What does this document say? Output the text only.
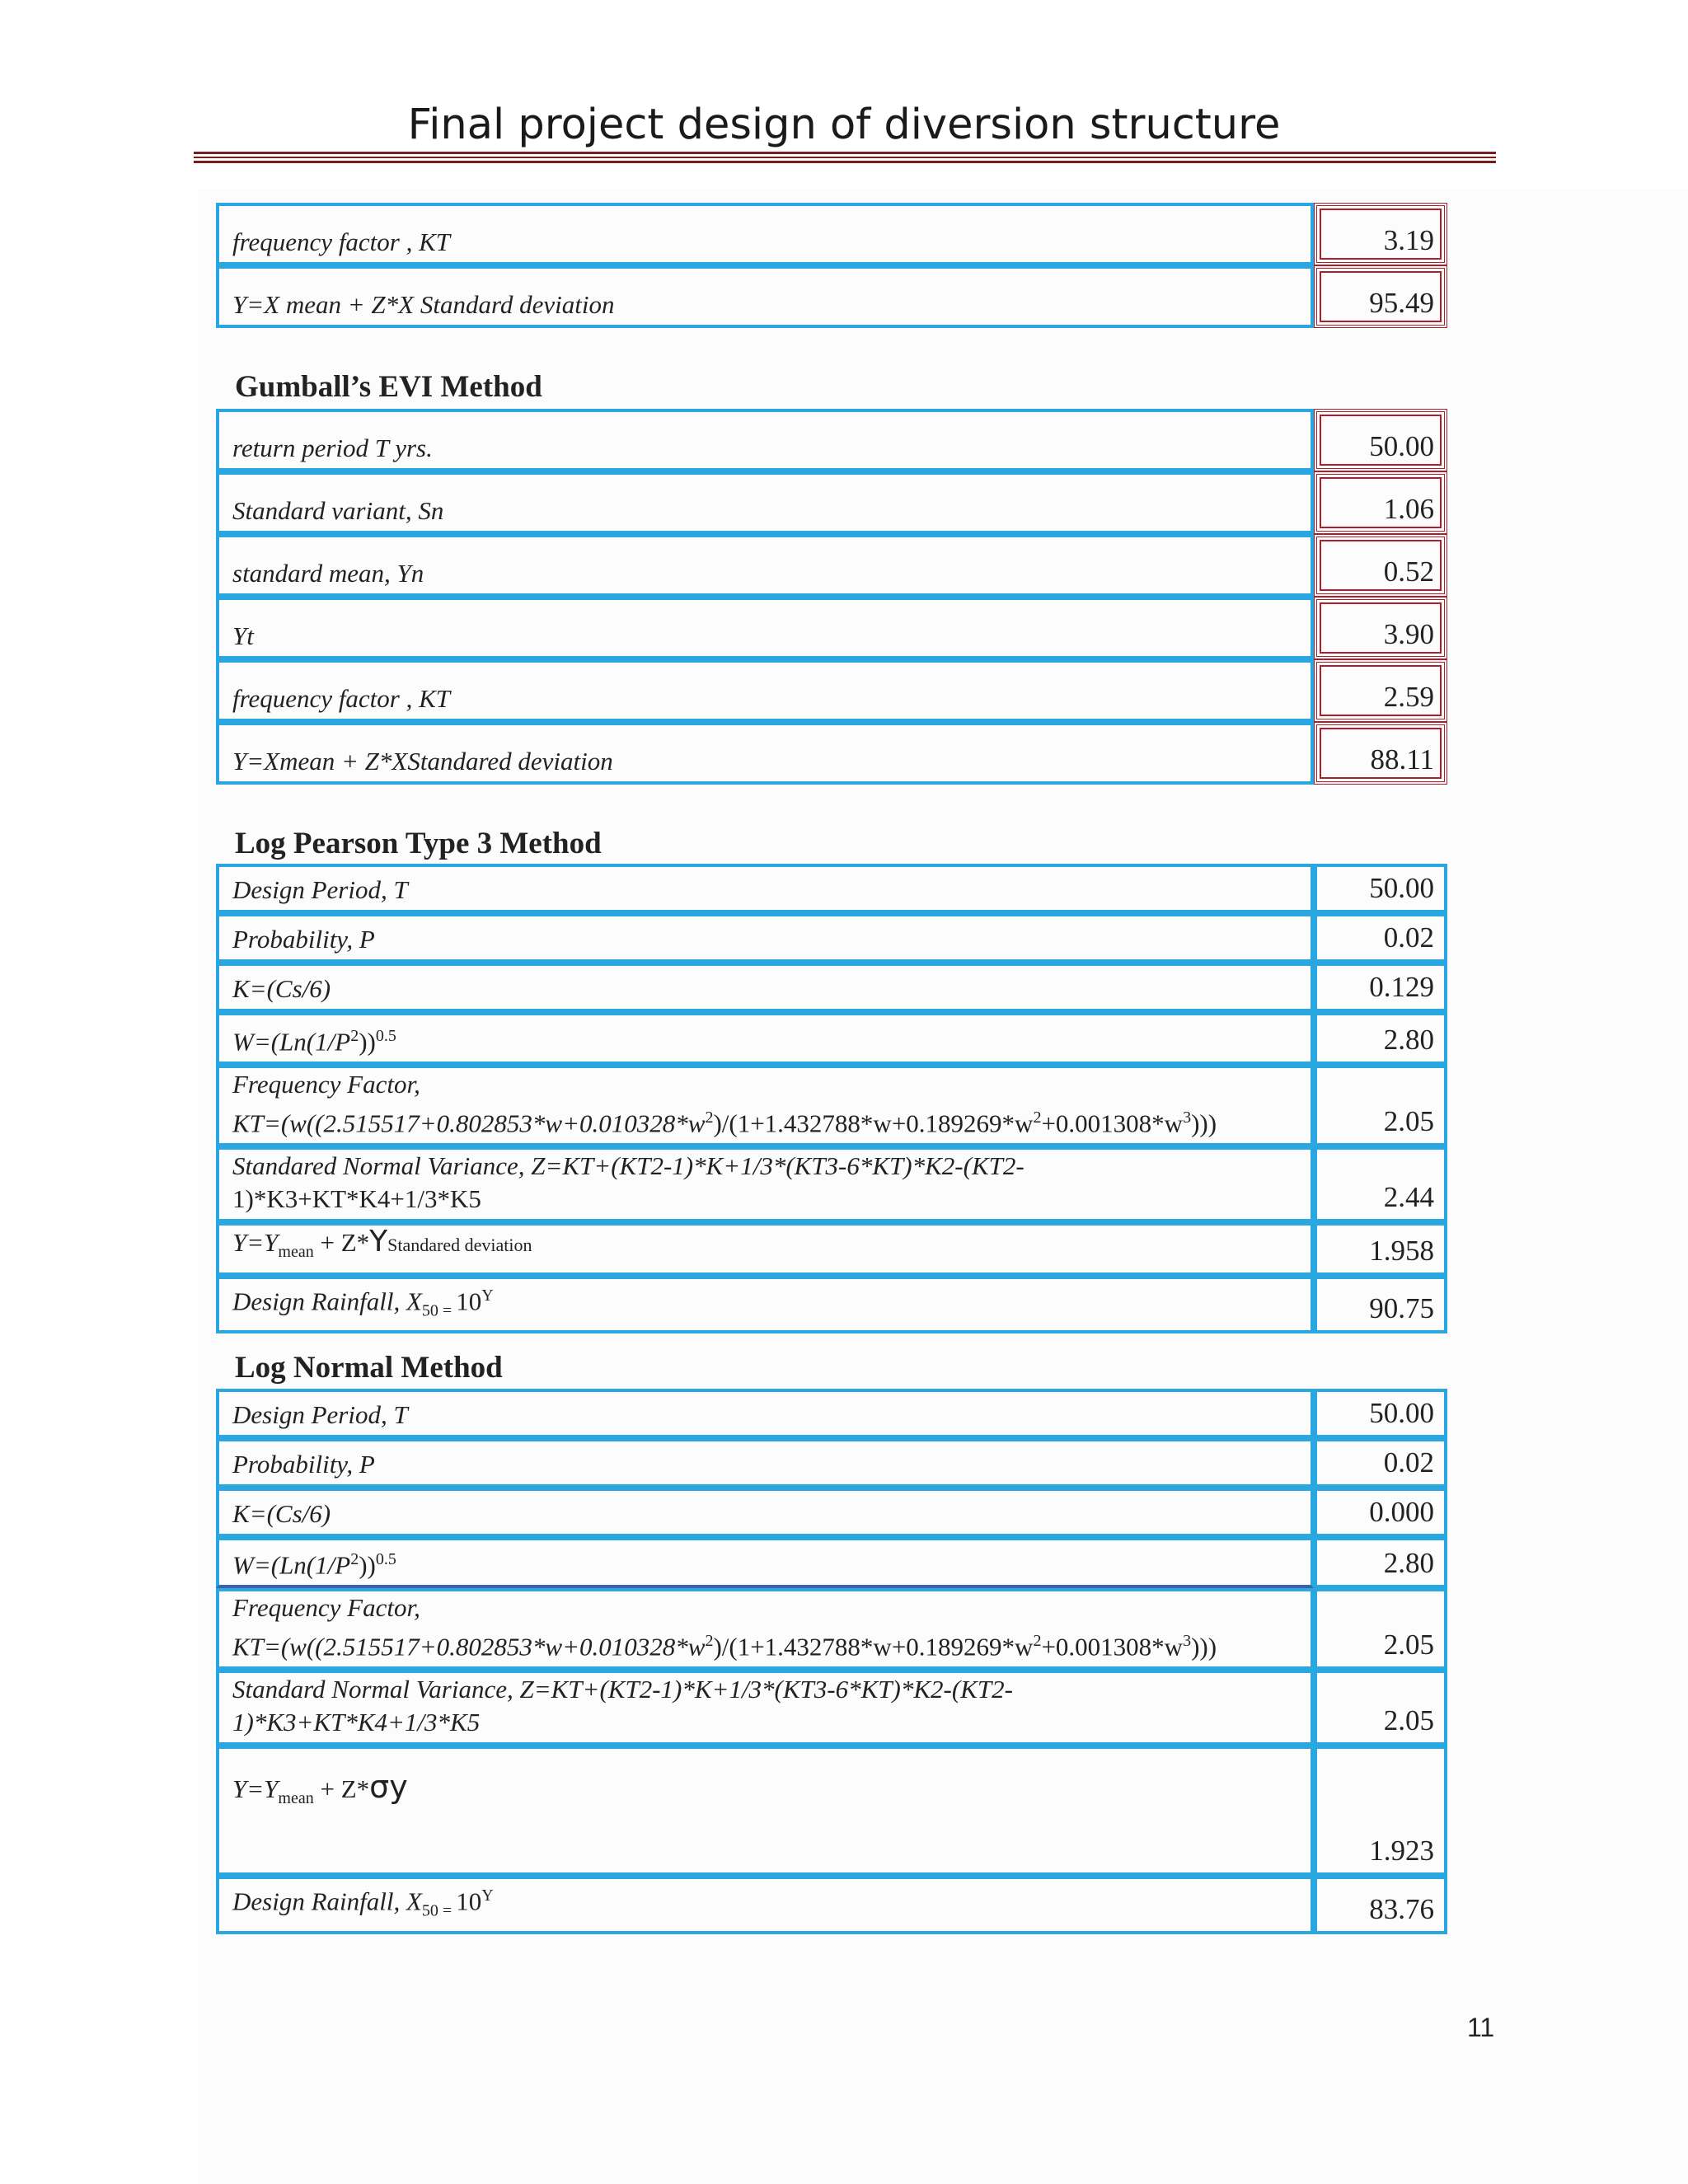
Final project design of diversion structure
frequency factor , KT	3.19
Y=X mean + Z*X Standard deviation	95.49
Gumball’s EVI Method
return period T yrs.	50.00
Standard variant, Sn	1.06
standard mean, Yn	0.52
Yt	3.90
frequency factor , KT	2.59
Y=Xmean + Z*XStandared deviation	88.11
Log Pearson Type 3 Method
Design Period, T	50.00
Probability, P	0.02
K=(Cs/6)	0.129
$W=(Ln(1/P^2))^{0.5}$	2.80

Frequency Factor,
$KT=(w((2.515517+0.802853*w+0.010328*w^2)/(1+1.432788*w+0.189269*w^2+0.001308*w^3)))$	2.05

Standared Normal Variance, Z=KT+(KT2-1)*K+1/3*(KT3-6*KT)*K2-(KT2-
1)*K3+KT*K4+1/3*K5	2.44
$Y=Y_{mean}$ + Z*YStandared deviation	1.958
Design Rainfall, $X_{50 =}$ $10^Y$	90.75
Log Normal Method
Design Period, T	50.00
Probability, P	0.02
K=(Cs/6)	0.000
$W=(Ln(1/P^2))^{0.5}$	2.80

Frequency Factor,
$KT=(w((2.515517+0.802853*w+0.010328*w^2)/(1+1.432788*w+0.189269*w^2+0.001308*w^3)))$	2.05

Standard Normal Variance, Z=KT+(KT2-1)*K+1/3*(KT3-6*KT)*K2-(KT2-
1)*K3+KT*K4+1/3*K5	2.05
$Y=Y_{mean} + Z*\sigma y$	1.923
Design Rainfall, $X_{50 =}$ $10^Y$	83.76
11
